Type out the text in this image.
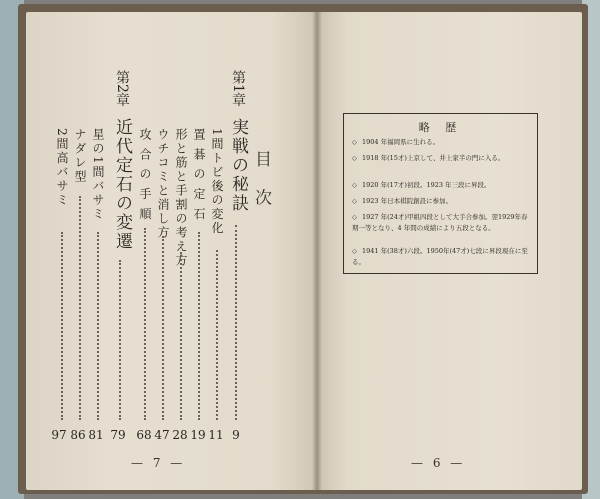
目 次
第1章
実戦の秘訣
9
1間トビ後の変化
11
置 碁 の 定 石
19
形と筋と手割の考え方
28
ウチコミと消し方
47
攻 合 の 手 順
68
第2章
近代定石の変遷
79
星の1間バサミ
81
ナダレ型
86
2間高バサミ
97
— 7 —	— 6 —
略 歴
◇ 1904 年福岡県に生れる。
◇ 1918 年(15才)上京して、井上家半の門に入る。
◇ 1920 年(17才)初段。1923 年三段に昇段。
◇ 1923 年日本棋院創設に参加。
◇ 1927 年(24才)甲組四段として大手合参加。翌1929年春期一等となり、4 年間の成績により五段となる。
◇ 1941 年(38才)六段。1950年(47才)七段に昇段現在に至る。
